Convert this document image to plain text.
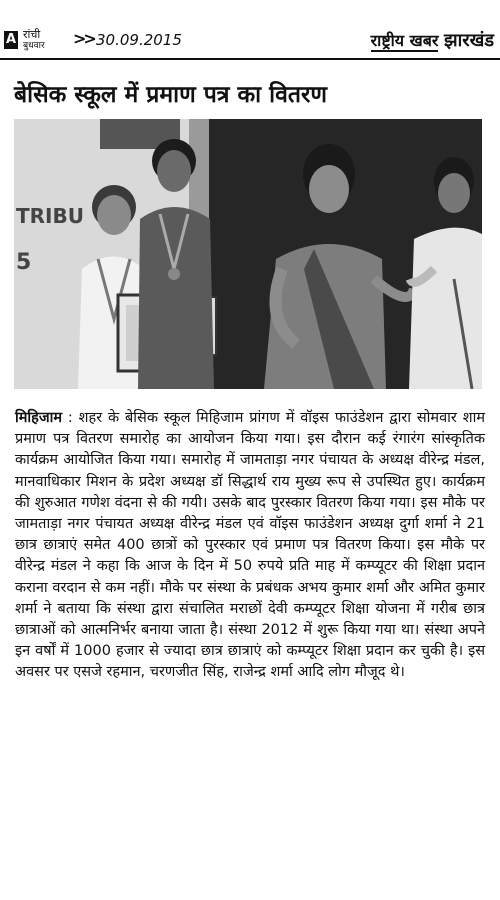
A रांची
बुधवार >> 30.09.2015	राष्ट्रीय खबर झारखंड
बेसिक स्कूल में प्रमाण पत्र का वितरण
TRIBU
5

मिहिजाम : शहर के बेसिक स्कूल मिहिजाम प्रांगण में वॉइस फाउंडेशन द्वारा सोमवार शाम प्रमाण पत्र वितरण समारोह का आयोजन किया गया। इस दौरान कई रंगारंग सांस्कृतिक कार्यक्रम आयोजित किया गया। समारोह में जामताड़ा नगर पंचायत के अध्यक्ष वीरेन्द्र मंडल, मानवाधिकार मिशन के प्रदेश अध्यक्ष डॉ सिद्धार्थ राय मुख्य रूप से उपस्थित हुए। कार्यक्रम की शुरुआत गणेश वंदना से की गयी। उसके बाद पुरस्कार वितरण किया गया। इस मौके पर जामताड़ा नगर पंचायत अध्यक्ष वीरेन्द्र मंडल एवं वॉइस फाउंडेशन अध्यक्ष दुर्गा शर्मा ने 21 छात्र छात्राएं समेत 400 छात्रों को पुरस्कार एवं प्रमाण पत्र वितरण किया। इस मौके पर वीरेन्द्र मंडल ने कहा कि आज के दिन में 50 रुपये प्रति माह में कम्प्यूटर की शिक्षा प्रदान कराना वरदान से कम नहीं। मौके पर संस्था के प्रबंधक अभय कुमार शर्मा और अमित कुमार शर्मा ने बताया कि संस्था द्वारा संचालित मराछों देवी कम्प्यूटर शिक्षा योजना में गरीब छात्र छात्राओं को आत्मनिर्भर बनाया जाता है। संस्था 2012 में शुरू किया गया था। संस्था अपने इन वर्षों में 1000 हजार से ज्यादा छात्र छात्राएं को कम्प्यूटर शिक्षा प्रदान कर चुकी है। इस अवसर पर एसजे रहमान, चरणजीत सिंह, राजेन्द्र शर्मा आदि लोग मौजूद थे।
